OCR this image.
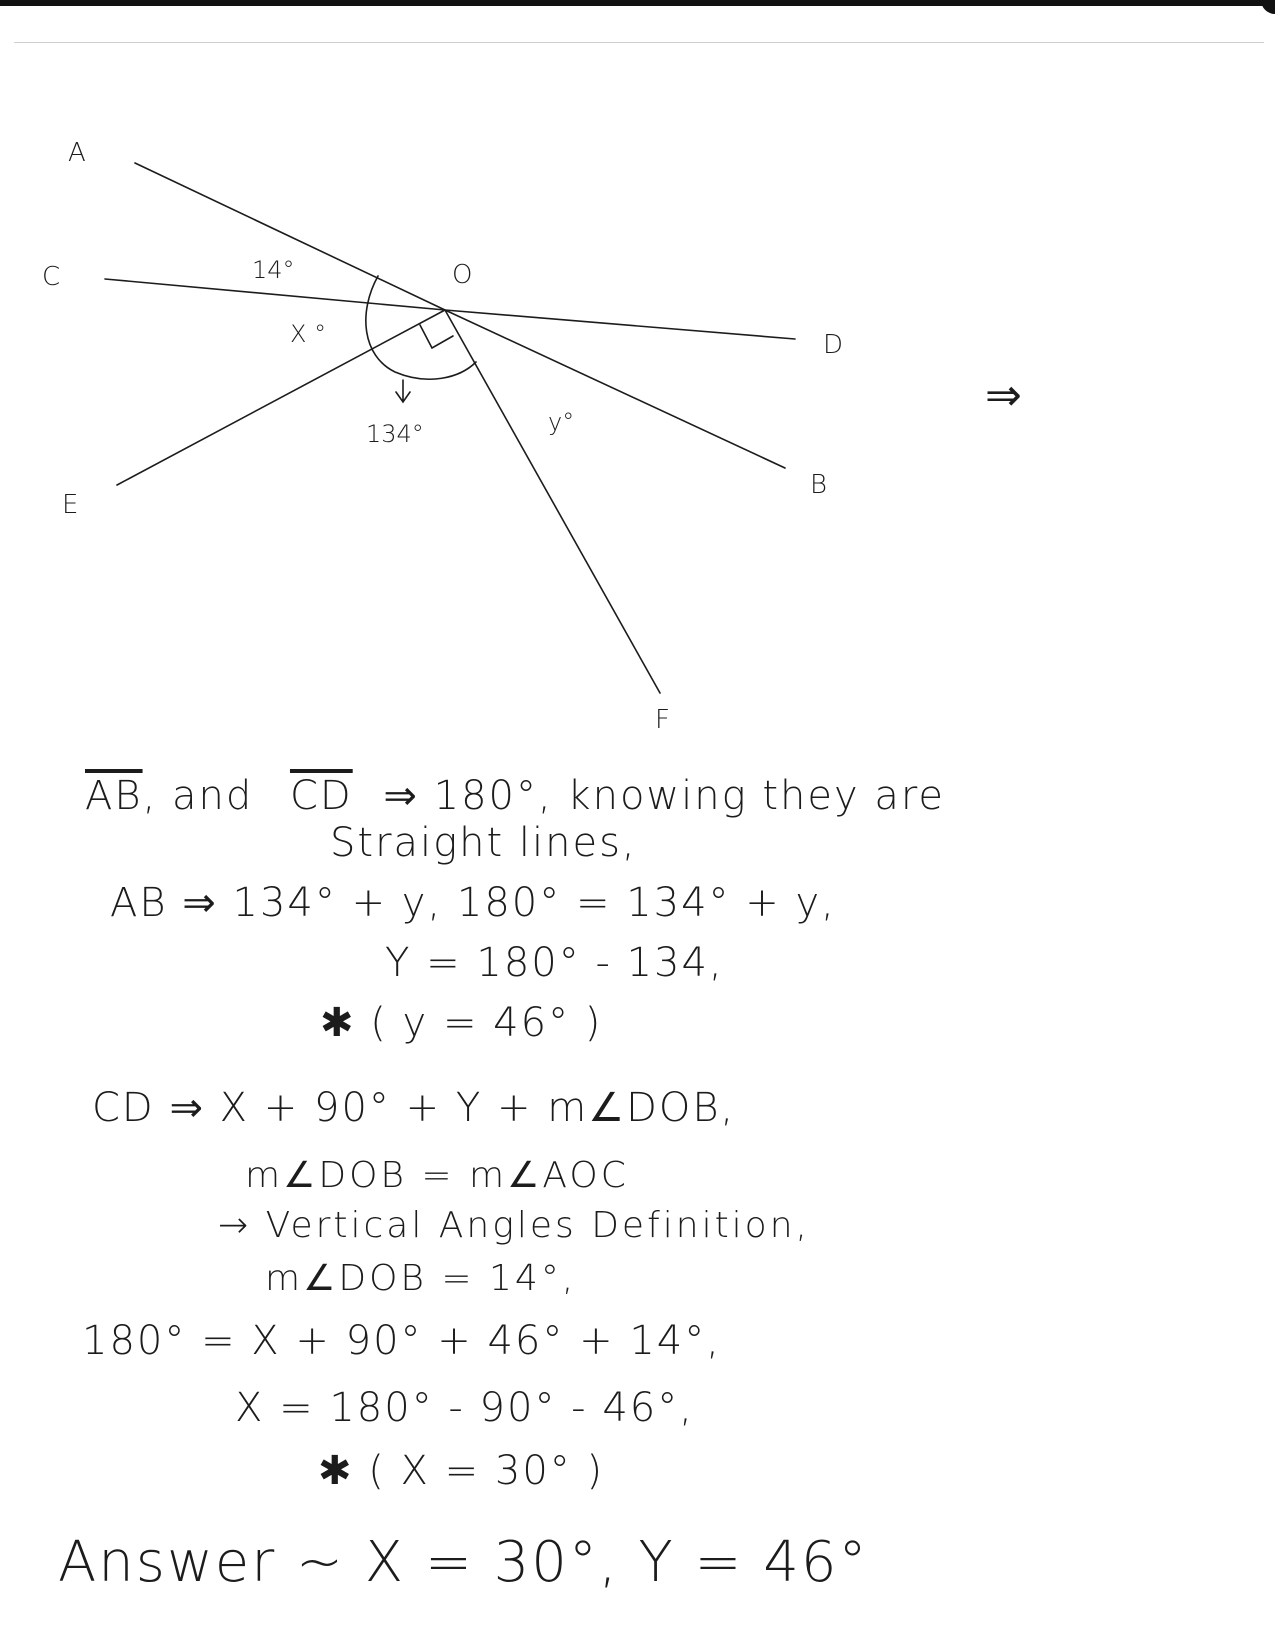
A
C	O
D
B
E
F
14°
X °
134°	y°
⇒
$\overline{AB}$, and $\overline{CD}$ ⇒ 180°, knowing they are
Straight lines,
AB ⇒ 134° + y, 180° = 134° + y,
Y = 180° - 134,
✱ ( y = 46° )
CD ⇒ X + 90° + Y + m∠DOB,
m∠DOB = m∠AOC
→ Vertical Angles Definition,
m∠DOB = 14°,
180° = X + 90° + 46° + 14°,
X = 180° - 90° - 46°,
✱ ( X = 30° )
Answer ~ X = 30°, Y = 46°
